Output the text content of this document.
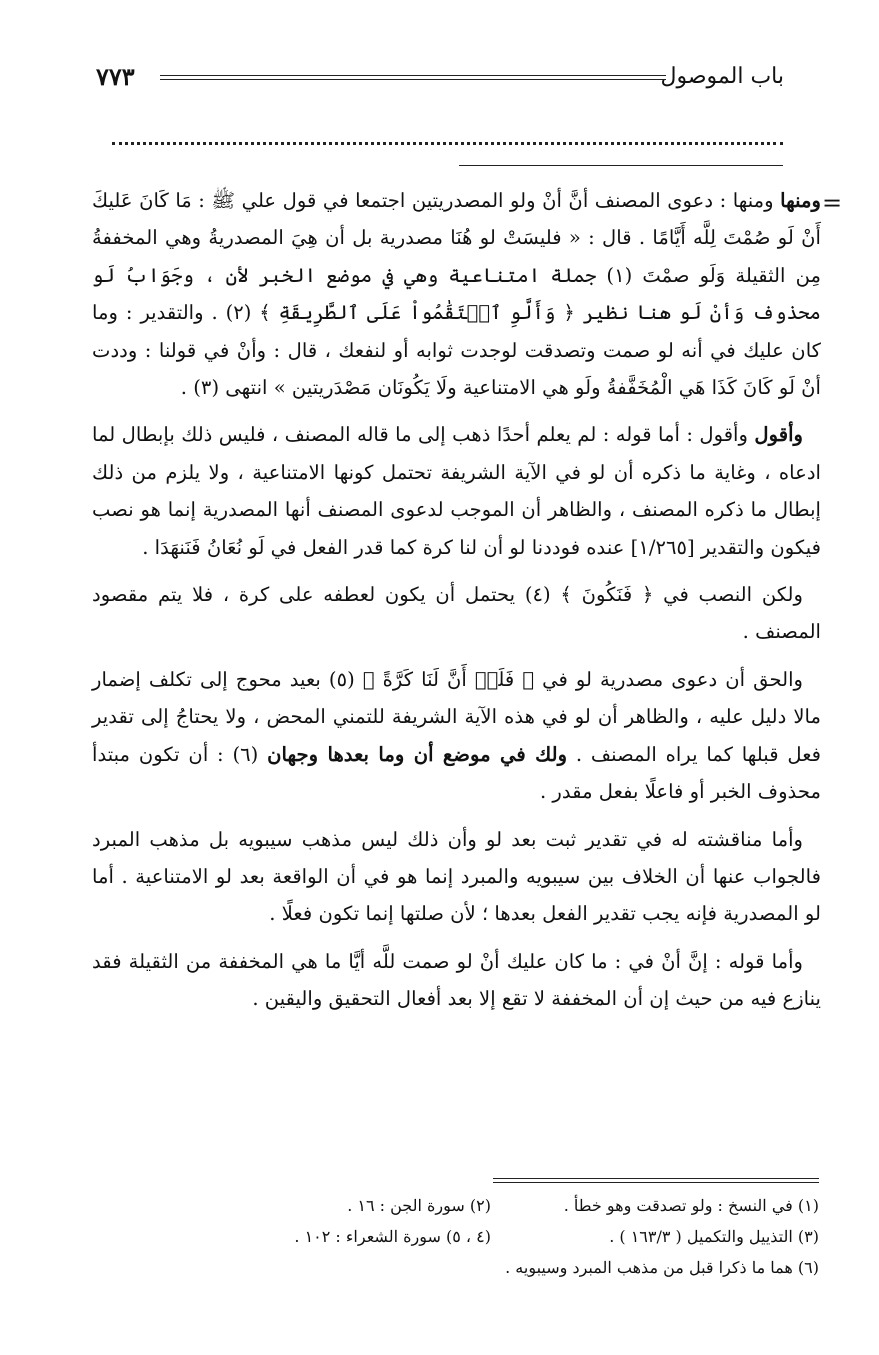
٧٧٣	باب الموصول
=

ومنها ومنها : دعوى المصنف أنَّ أنْ ولو المصدريتين اجتمعا في قول علي ﷺ : مَا كَانَ عَليكَ أَنْ لَو صُمْتَ لِلَّه أَيَّامًا . قال : « فليسَتْ لو هُنَا مصدرية بل أن هِيَ المصدريةُ وهي المخففةُ مِن الثقيلة وَلَو صمْتَ (١) جملة امتناعية وهي في موضع الخبر لأن ، وجَوَابُ لَو محذوف وَأنْ لَو هنا نظير ﴿ وَأَلَّوِ ٱسۡتَقَٰمُواْ عَلَى ٱلطَّرِيقَةِ ﴾ (٢) . والتقدير : وما كان عليك في أنه لو صمت وتصدقت لوجدت ثوابه أو لنفعك ، قال : وأنْ في قولنا : وددت أنْ لَو كَانَ كَذَا هَي الْمُخَفَّفةُ ولَو هي الامتناعية ولَا يَكُونَان مَصْدَريتين » انتهى (٣) .

وأقول وأقول : أما قوله : لم يعلم أحدًا ذهب إلى ما قاله المصنف ، فليس ذلك بإبطال لما ادعاه ، وغاية ما ذكره أن لو في الآية الشريفة تحتمل كونها الامتناعية ، ولا يلزم من ذلك إبطال ما ذكره المصنف ، والظاهر أن الموجب لدعوى المصنف أنها المصدرية إنما هو نصب فيكون والتقدير [١/٢٦٥] عنده فوددنا لو أن لنا كرة كما قدر الفعل في لَو نُعَانُ فَنَنهَدَا .

ولكن النصب في ﴿ فَنَكُونَ ﴾ (٤) يحتمل أن يكون لعطفه على كرة ، فلا يتم مقصود المصنف .

والحق أن دعوى مصدرية لو في ﴿ فَلَوۡ أَنَّ لَنَا كَرَّةً ﴾ (٥) بعيد محوج إلى تكلف إضمار مالا دليل عليه ، والظاهر أن لو في هذه الآية الشريفة للتمني المحض ، ولا يحتاجُ إلى تقدير فعل قبلها كما يراه المصنف . ولك في موضع أن وما بعدها وجهان (٦) : أن تكون مبتدأ محذوف الخبر أو فاعلًا بفعل مقدر .

وأما مناقشته له في تقدير ثبت بعد لو وأن ذلك ليس مذهب سيبويه بل مذهب المبرد فالجواب عنها أن الخلاف بين سيبويه والمبرد إنما هو في أن الواقعة بعد لو الامتناعية . أما لو المصدرية فإنه يجب تقدير الفعل بعدها ؛ لأن صلتها إنما تكون فعلًا .

وأما قوله : إنَّ أنْ في : ما كان عليك أنْ لو صمت للَّه أيَّا ما هي المخففة من الثقيلة فقد ينازع فيه من حيث إن أن المخففة لا تقع إلا بعد أفعال التحقيق واليقين .

(١) في النسخ : ولو تصدقت وهو خطأ .
(٢) سورة الجن : ١٦ .
(٣) التذييل والتكميل ( ١٦٣/٣ ) .
(٤ ، ٥) سورة الشعراء : ١٠٢ .
(٦) هما ما ذكرا قبل من مذهب المبرد وسيبويه .
